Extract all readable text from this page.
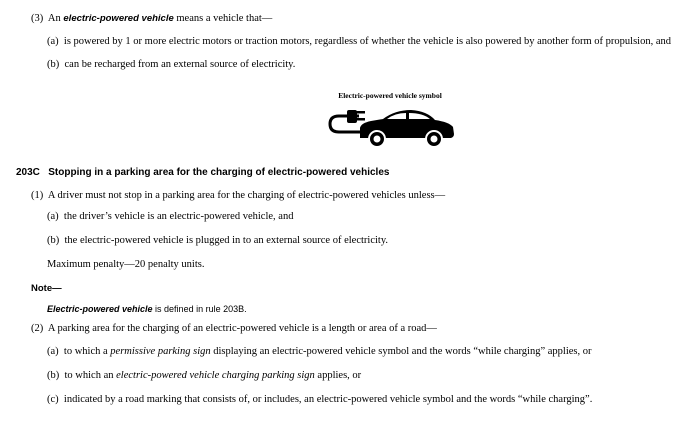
(3) An electric-powered vehicle means a vehicle that—
(a) is powered by 1 or more electric motors or traction motors, regardless of whether the vehicle is also powered by another form of propulsion, and
(b) can be recharged from an external source of electricity.
Electric-powered vehicle symbol
203C Stopping in a parking area for the charging of electric-powered vehicles
(1) A driver must not stop in a parking area for the charging of electric-powered vehicles unless—
(a) the driver’s vehicle is an electric-powered vehicle, and
(b) the electric-powered vehicle is plugged in to an external source of electricity.
Maximum penalty—20 penalty units.
Note—
Electric-powered vehicle is defined in rule 203B.
(2) A parking area for the charging of an electric-powered vehicle is a length or area of a road—
(a) to which a permissive parking sign displaying an electric-powered vehicle symbol and the words “while charging” applies, or
(b) to which an electric-powered vehicle charging parking sign applies, or
(c) indicated by a road marking that consists of, or includes, an electric-powered vehicle symbol and the words “while charging”.
